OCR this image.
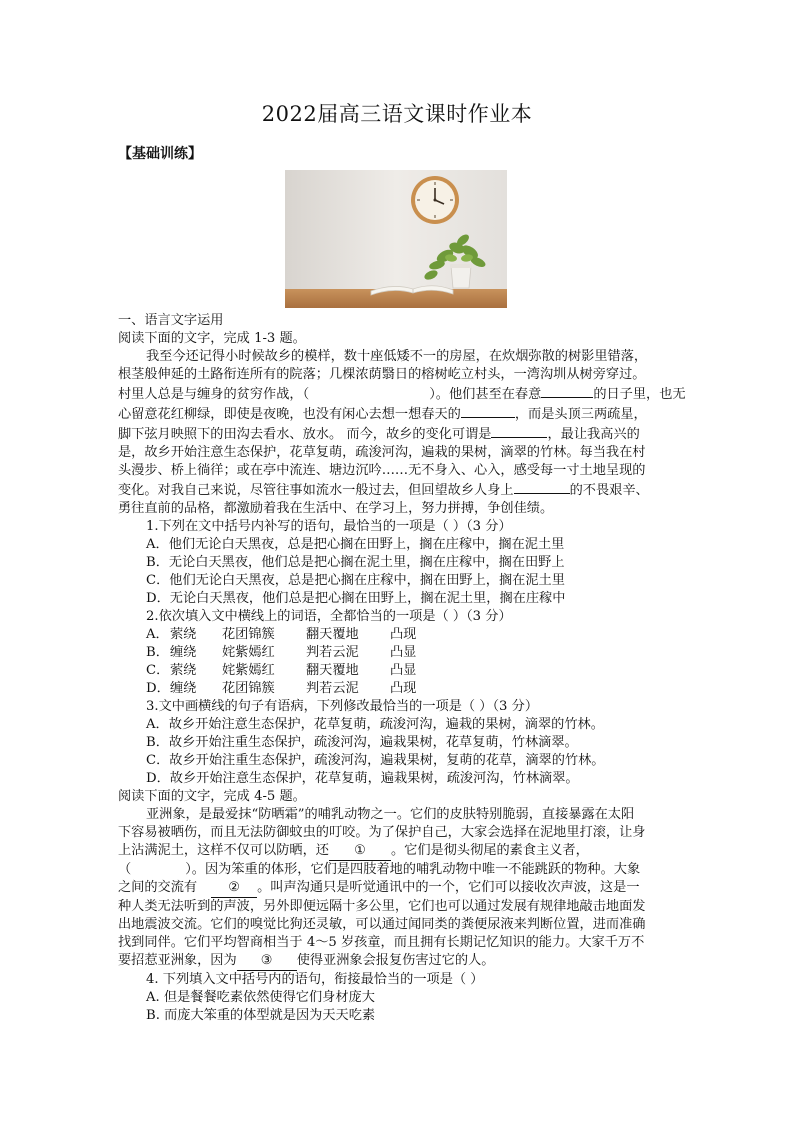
2022届高三语文课时作业本
【基础训练】
一、语言文字运用
阅读下面的文字，完成 1-3 题。
我至今还记得小时候故乡的模样，数十座低矮不一的房屋，在炊烟弥散的树影里错落，
根茎般伸延的土路衔连所有的院落；几棵浓荫翳日的榕树屹立村头，一湾沟圳从树旁穿过。
村里人总是与缠身的贫穷作战，（	）。他们甚至在春意	的日子里，也无
心留意花红柳绿，即使是夜晚，也没有闲心去想一想春天的	，而是头顶三两疏星，
脚下弦月映照下的田沟去看水、放水。 而今，故乡的变化可谓是	，最让我高兴的
是，故乡开始注意生态保护，花草复萌，疏浚河沟，遍栽的果树，滴翠的竹林。每当我在村
头漫步、桥上徜徉；或在亭中流连、塘边沉吟……无不身入、心入，感受每一寸土地呈现的
变化。对我自己来说，尽管往事如流水一般过去，但回望故乡人身上	的不畏艰辛、
勇往直前的品格，都激励着我在生活中、在学习上，努力拼搏，争创佳绩。
1.下列在文中括号内补写的语句，最恰当的一项是（ ）（3 分）
A．他们无论白天黑夜，总是把心搁在田野上，搁在庄稼中，搁在泥土里
B．无论白天黑夜，他们总是把心搁在泥土里，搁在庄稼中，搁在田野上
C．他们无论白天黑夜，总是把心搁在庄稼中，搁在田野上，搁在泥土里
D．无论白天黑夜，他们总是把心搁在田野上，搁在泥土里，搁在庄稼中
2.依次填入文中横线上的词语，全都恰当的一项是（ ）（3 分）
A．萦绕 花团锦簇 翻天覆地 凸现
B．缠绕 姹紫嫣红 判若云泥 凸显
C．萦绕 姹紫嫣红 翻天覆地 凸显
D．缠绕 花团锦簇 判若云泥 凸现
3.文中画横线的句子有语病，下列修改最恰当的一项是（ ）（3 分）
A．故乡开始注意生态保护，花草复萌，疏浚河沟，遍栽的果树，滴翠的竹林。
B．故乡开始注重生态保护，疏浚河沟，遍栽果树，花草复萌，竹林滴翠。
C．故乡开始注重生态保护，疏浚河沟，遍栽果树，复萌的花草，滴翠的竹林。
D．故乡开始注意生态保护，花草复萌，遍栽果树，疏浚河沟，竹林滴翠。
阅读下面的文字，完成 4-5 题。
亚洲象，是最爱抹“防晒霜”的哺乳动物之一。它们的皮肤特别脆弱，直接暴露在太阳
下容易被晒伤，而且无法防御蚊虫的叮咬。为了保护自己，大家会选择在泥地里打滚，让身
上沾满泥土，这样不仅可以防晒，还 ① 。它们是彻头彻尾的素食主义者，
（	）。因为笨重的体形，它们是四肢着地的哺乳动物中唯一不能跳跃的物种。大象
之间的交流有 ② 。叫声沟通只是听觉通讯中的一个，它们可以接收次声波，这是一
种人类无法听到的声波，另外即便远隔十多公里，它们也可以通过发展有规律地敲击地面发
出地震波交流。它们的嗅觉比狗还灵敏，可以通过闻同类的粪便尿液来判断位置，进而准确
找到同伴。它们平均智商相当于 4～5 岁孩童，而且拥有长期记忆知识的能力。大家千万不
要招惹亚洲象，因为 ③ 使得亚洲象会报复伤害过它的人。
4. 下列填入文中括号内的语句，衔接最恰当的一项是（ ）
A. 但是餐餐吃素依然使得它们身材庞大
B. 而庞大笨重的体型就是因为天天吃素
